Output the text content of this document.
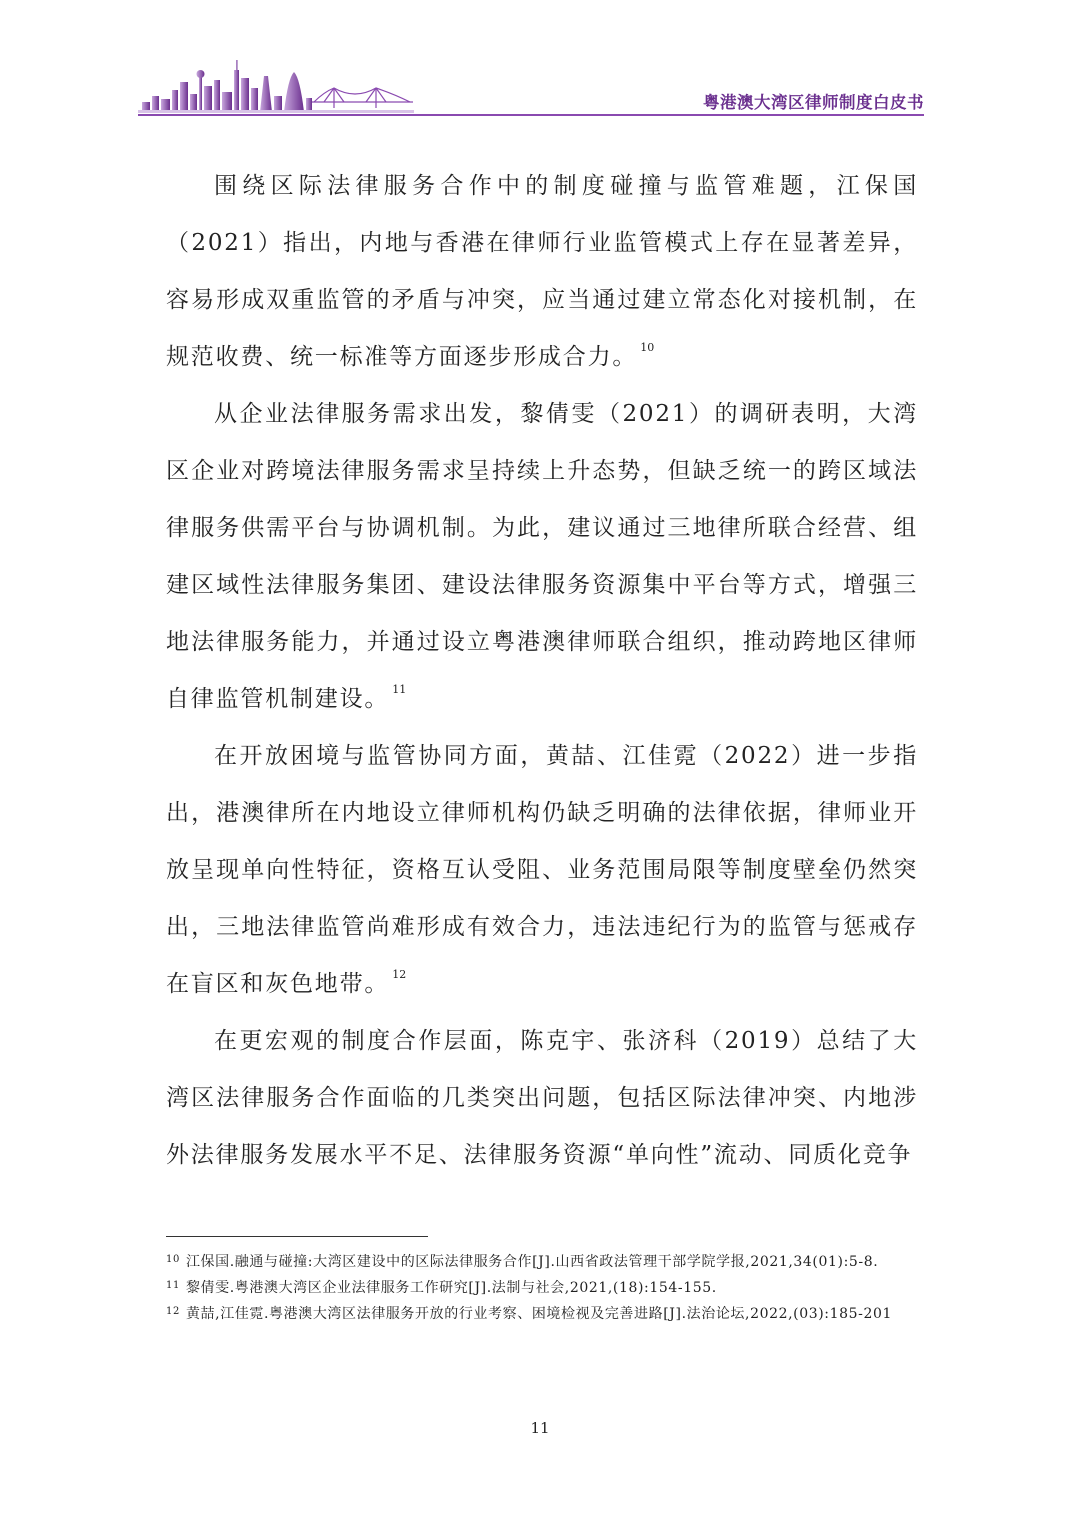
粤港澳大湾区律师制度白皮书

围绕区际法律服务合作中的制度碰撞与监管难题，江保国（2021）指出，内地与香港在律师行业监管模式上存在显著差异，容易形成双重监管的矛盾与冲突，应当通过建立常态化对接机制，在规范收费、统一标准等方面逐步形成合力。 $^{10}$

从企业法律服务需求出发，黎倩雯（2021）的调研表明，大湾区企业对跨境法律服务需求呈持续上升态势，但缺乏统一的跨区域法律服务供需平台与协调机制。为此，建议通过三地律所联合经营、组建区域性法律服务集团、建设法律服务资源集中平台等方式，增强三地法律服务能力，并通过设立粤港澳律师联合组织，推动跨地区律师自律监管机制建设。 $^{11}$

在开放困境与监管协同方面，黄喆、江佳霓（2022）进一步指出，港澳律所在内地设立律师机构仍缺乏明确的法律依据，律师业开放呈现单向性特征，资格互认受阻、业务范围局限等制度壁垒仍然突出，三地法律监管尚难形成有效合力，违法违纪行为的监管与惩戒存在盲区和灰色地带。 $^{12}$

在更宏观的制度合作层面，陈克宇、张济科（2019）总结了大湾区法律服务合作面临的几类突出问题，包括区际法律冲突、内地涉外法律服务发展水平不足、法律服务资源“单向性”流动、同质化竞争

10 江保国.融通与碰撞:大湾区建设中的区际法律服务合作[J].山西省政法管理干部学院学报,2021,34(01):5-8.

11 黎倩雯.粤港澳大湾区企业法律服务工作研究[J].法制与社会,2021,(18):154-155.

12 黄喆,江佳霓.粤港澳大湾区法律服务开放的行业考察、困境检视及完善进路[J].法治论坛,2022,(03):185-201

11
